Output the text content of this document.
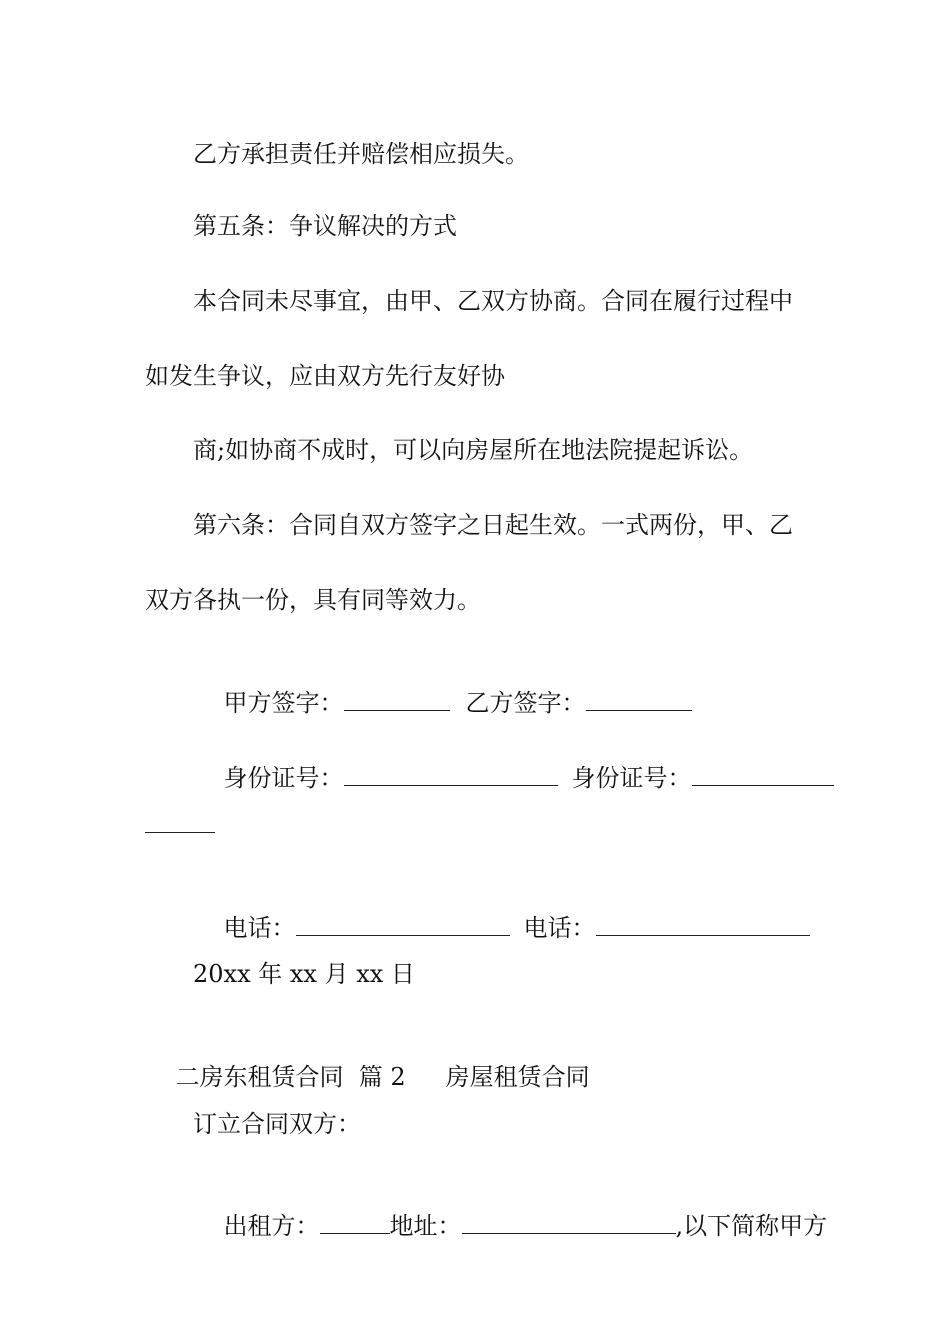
乙方承担责任并赔偿相应损失。
第五条：争议解决的方式
本合同未尽事宜，由甲、乙双方协商。合同在履行过程中
如发生争议，应由双方先行友好协
商;如协商不成时，可以向房屋所在地法院提起诉讼。
第六条：合同自双方签字之日起生效。一式两份，甲、乙
双方各执一份，具有同等效力。

甲方签字：	乙方签字：

身份证号：	身份证号：

电话：	电话：

20xx 年 xx 月 xx 日

二房东租赁合同  篇 2 房屋租赁合同

订立合同双方：

出租方：	地址：	,以下简称甲方
